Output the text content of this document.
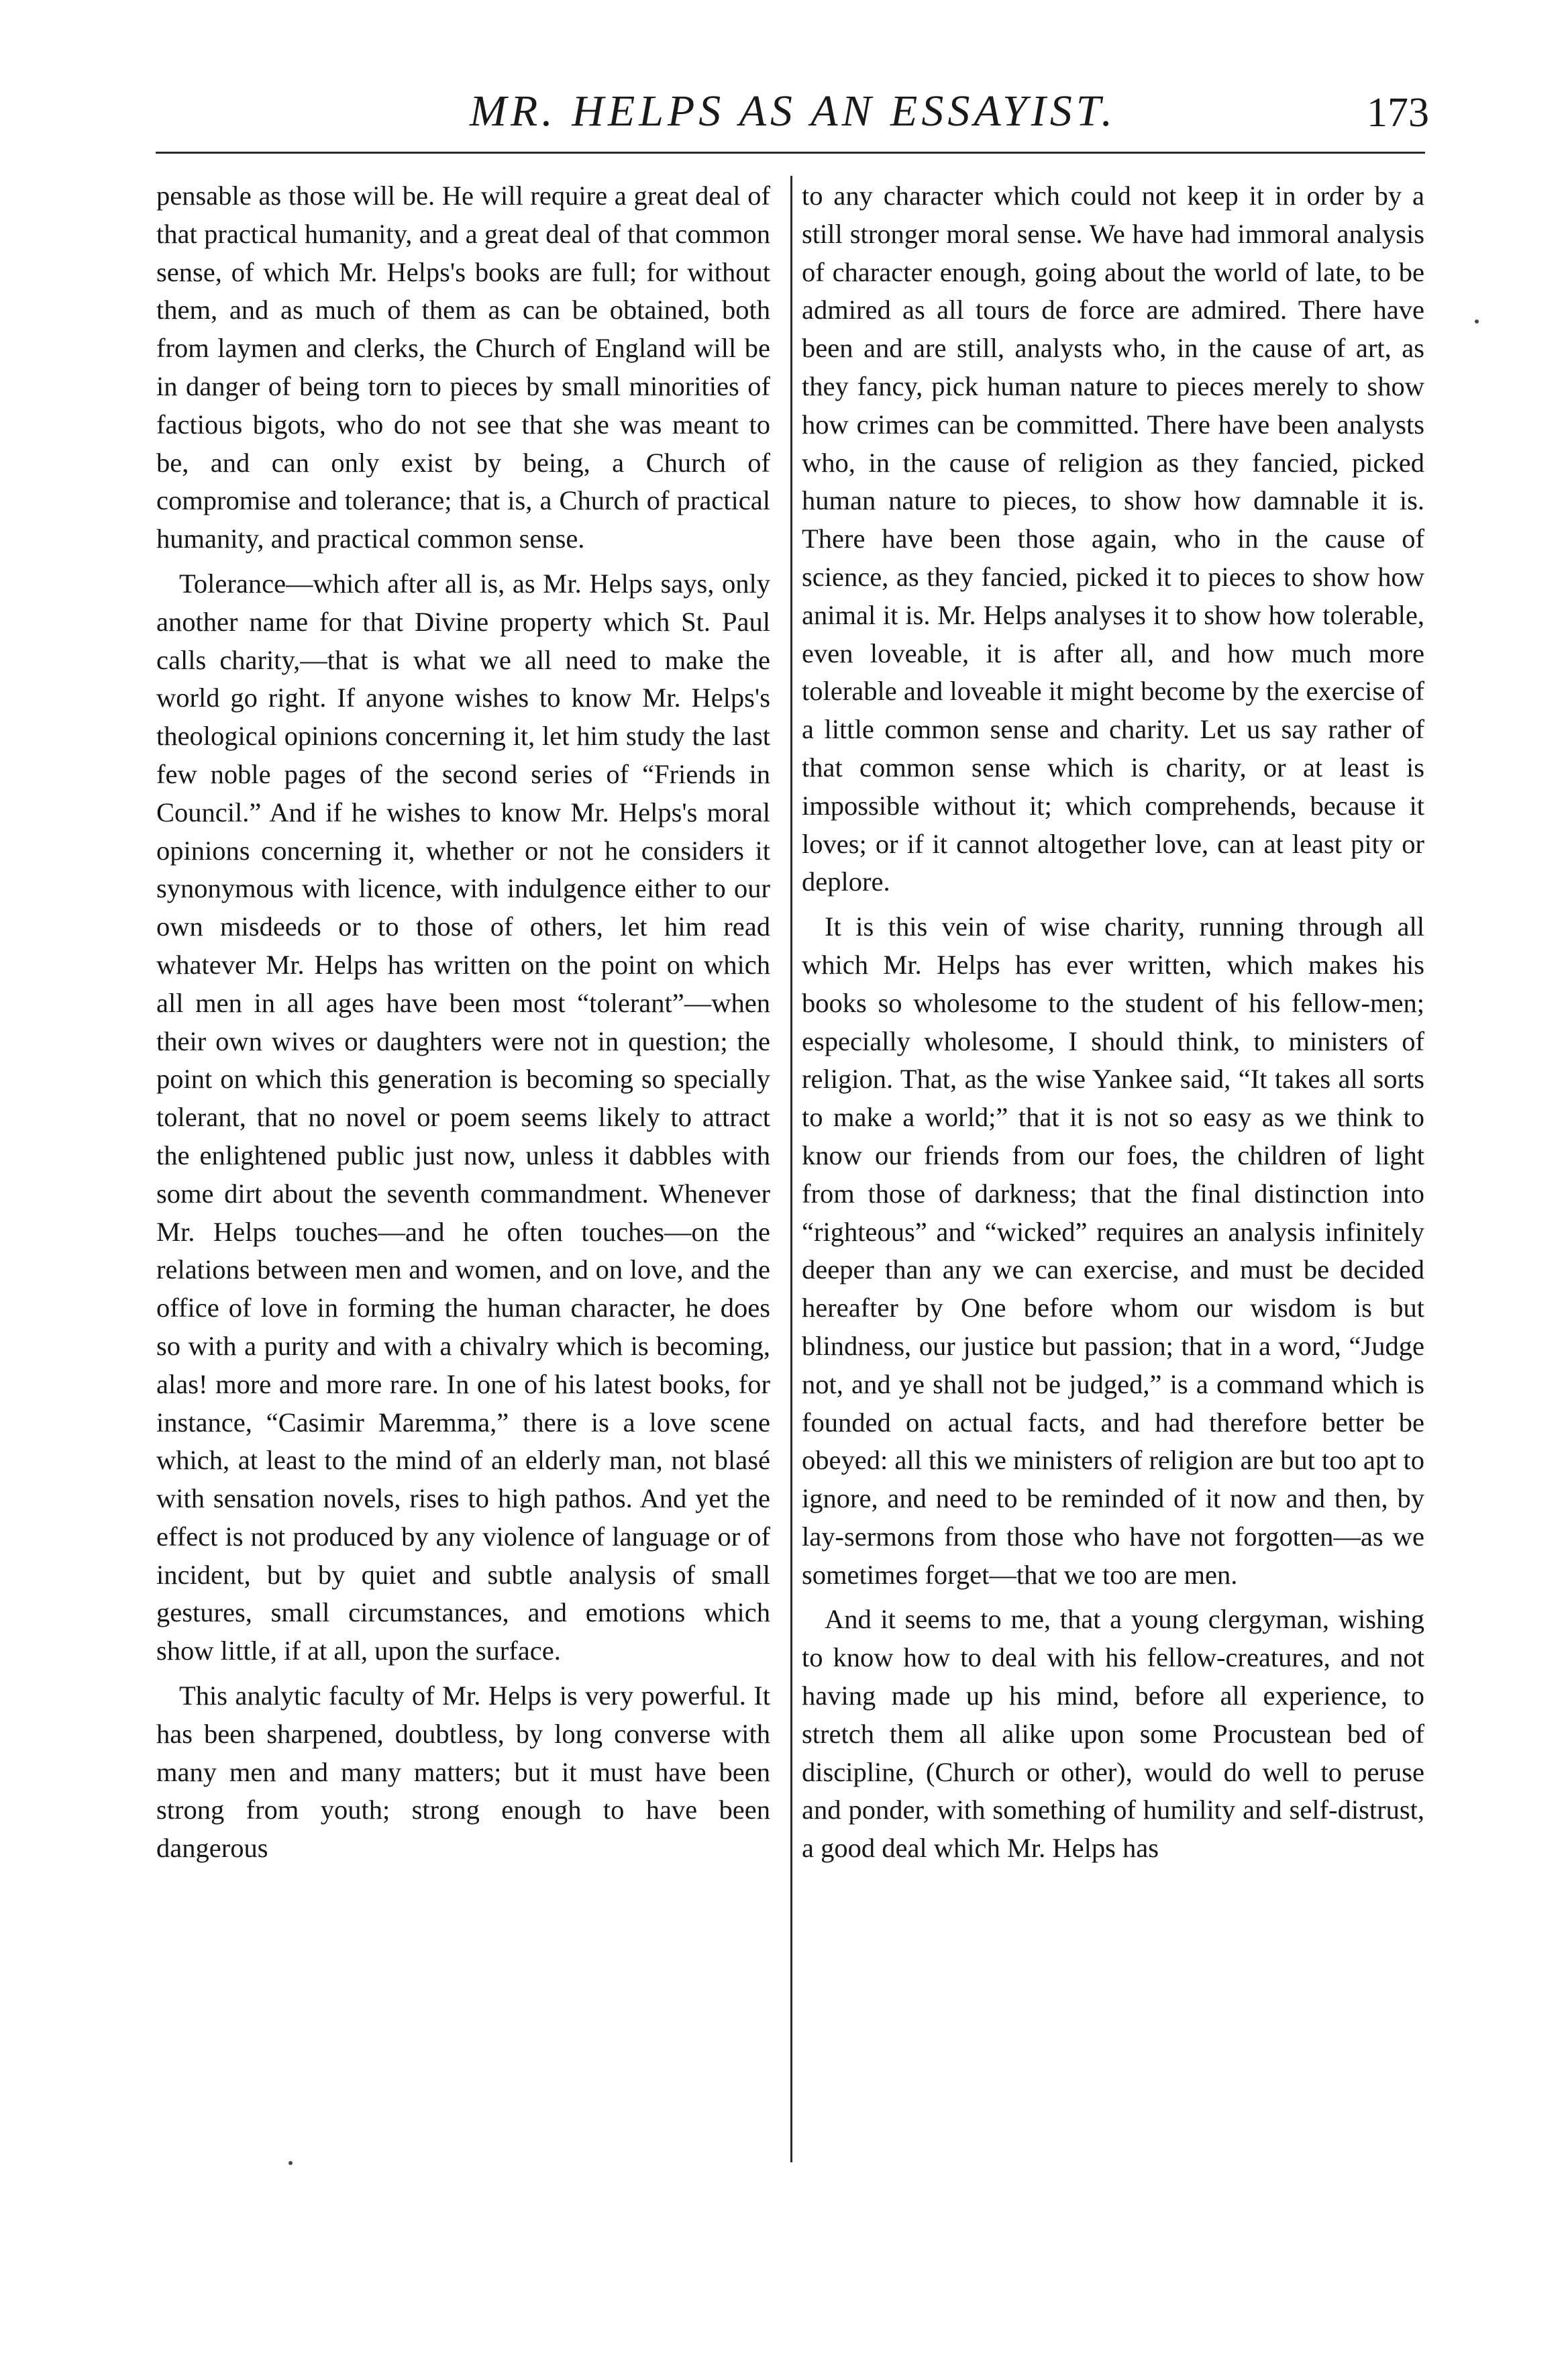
MR. HELPS AS AN ESSAYIST.	173

pensable as those will be. He will require a great deal of that practical humanity, and a great deal of that common sense, of which Mr. Helps's books are full; for without them, and as much of them as can be obtained, both from laymen and clerks, the Church of England will be in danger of being torn to pieces by small minorities of factious bigots, who do not see that she was meant to be, and can only exist by being, a Church of compromise and tolerance; that is, a Church of practical humanity, and practical common sense.

Tolerance—which after all is, as Mr. Helps says, only another name for that Divine property which St. Paul calls charity,—that is what we all need to make the world go right. If anyone wishes to know Mr. Helps's theological opinions concerning it, let him study the last few noble pages of the second series of “Friends in Council.” And if he wishes to know Mr. Helps's moral opinions concerning it, whether or not he considers it synonymous with licence, with indulgence either to our own misdeeds or to those of others, let him read whatever Mr. Helps has written on the point on which all men in all ages have been most “tolerant”—when their own wives or daughters were not in question; the point on which this generation is becoming so specially tolerant, that no novel or poem seems likely to attract the enlightened public just now, unless it dabbles with some dirt about the seventh commandment. Whenever Mr. Helps touches—and he often touches—on the relations between men and women, and on love, and the office of love in forming the human character, he does so with a purity and with a chivalry which is becoming, alas! more and more rare. In one of his latest books, for instance, “Casimir Maremma,” there is a love scene which, at least to the mind of an elderly man, not blasé with sensation novels, rises to high pathos. And yet the effect is not produced by any violence of language or of incident, but by quiet and subtle analysis of small gestures, small circumstances, and emotions which show little, if at all, upon the surface.

This analytic faculty of Mr. Helps is very powerful. It has been sharpened, doubtless, by long converse with many men and many matters; but it must have been strong from youth; strong enough to have been dangerous

to any character which could not keep it in order by a still stronger moral sense. We have had immoral analysis of character enough, going about the world of late, to be admired as all tours de force are admired. There have been and are still, analysts who, in the cause of art, as they fancy, pick human nature to pieces merely to show how crimes can be committed. There have been analysts who, in the cause of religion as they fancied, picked human nature to pieces, to show how damnable it is. There have been those again, who in the cause of science, as they fancied, picked it to pieces to show how animal it is. Mr. Helps analyses it to show how tolerable, even loveable, it is after all, and how much more tolerable and loveable it might become by the exercise of a little common sense and charity. Let us say rather of that common sense which is charity, or at least is impossible without it; which comprehends, because it loves; or if it cannot altogether love, can at least pity or deplore.

It is this vein of wise charity, running through all which Mr. Helps has ever written, which makes his books so wholesome to the student of his fellow-men; especially wholesome, I should think, to ministers of religion. That, as the wise Yankee said, “It takes all sorts to make a world;” that it is not so easy as we think to know our friends from our foes, the children of light from those of darkness; that the final distinction into “righteous” and “wicked” requires an analysis infinitely deeper than any we can exercise, and must be decided hereafter by One before whom our wisdom is but blindness, our justice but passion; that in a word, “Judge not, and ye shall not be judged,” is a command which is founded on actual facts, and had therefore better be obeyed: all this we ministers of religion are but too apt to ignore, and need to be reminded of it now and then, by lay-sermons from those who have not forgotten—as we sometimes forget—that we too are men.

And it seems to me, that a young clergyman, wishing to know how to deal with his fellow-creatures, and not having made up his mind, before all experience, to stretch them all alike upon some Procustean bed of discipline, (Church or other), would do well to peruse and ponder, with something of humility and self-distrust, a good deal which Mr. Helps has
